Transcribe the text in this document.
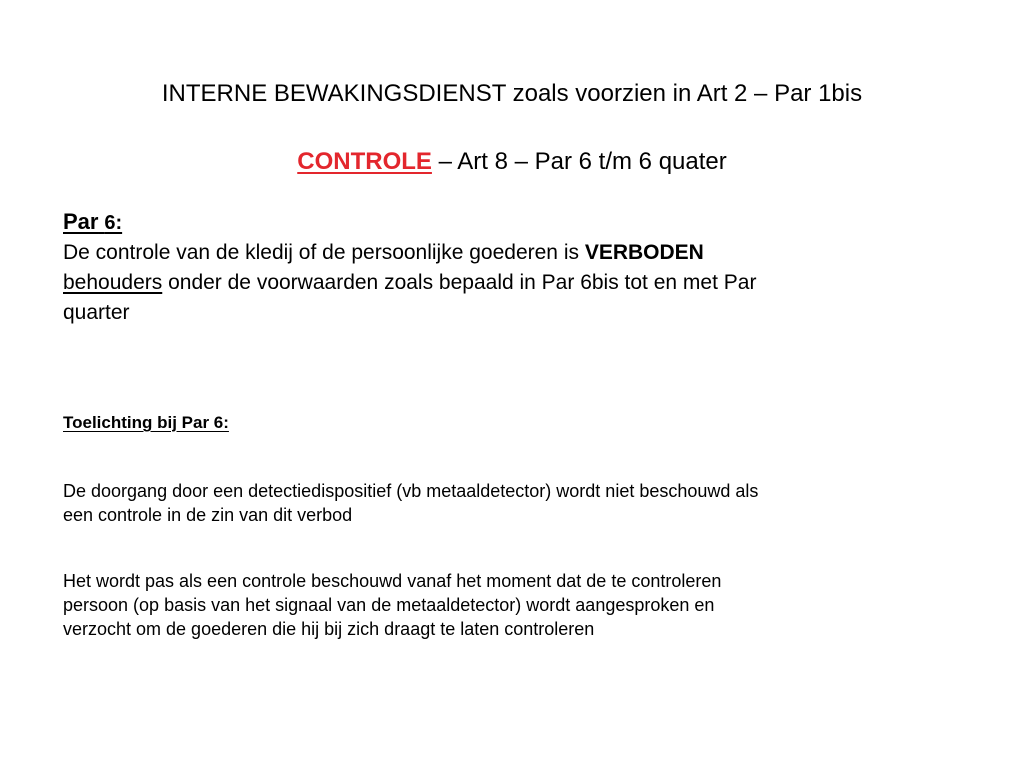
INTERNE BEWAKINGSDIENST zoals voorzien in Art 2 – Par 1bis
CONTROLE – Art 8 – Par 6 t/m 6 quater
Par 6:
De controle van de kledij of de persoonlijke goederen is VERBODEN
behouders onder de voorwaarden zoals bepaald in Par 6bis tot en met Par
quarter
Toelichting bij Par 6:
De doorgang door een detectiedispositief (vb metaaldetector) wordt niet beschouwd als
een controle in de zin van dit verbod
Het wordt pas als een controle beschouwd vanaf het moment dat de te controleren
persoon (op basis van het signaal van de metaaldetector) wordt aangesproken en
verzocht om de goederen die hij bij zich draagt te laten controleren
